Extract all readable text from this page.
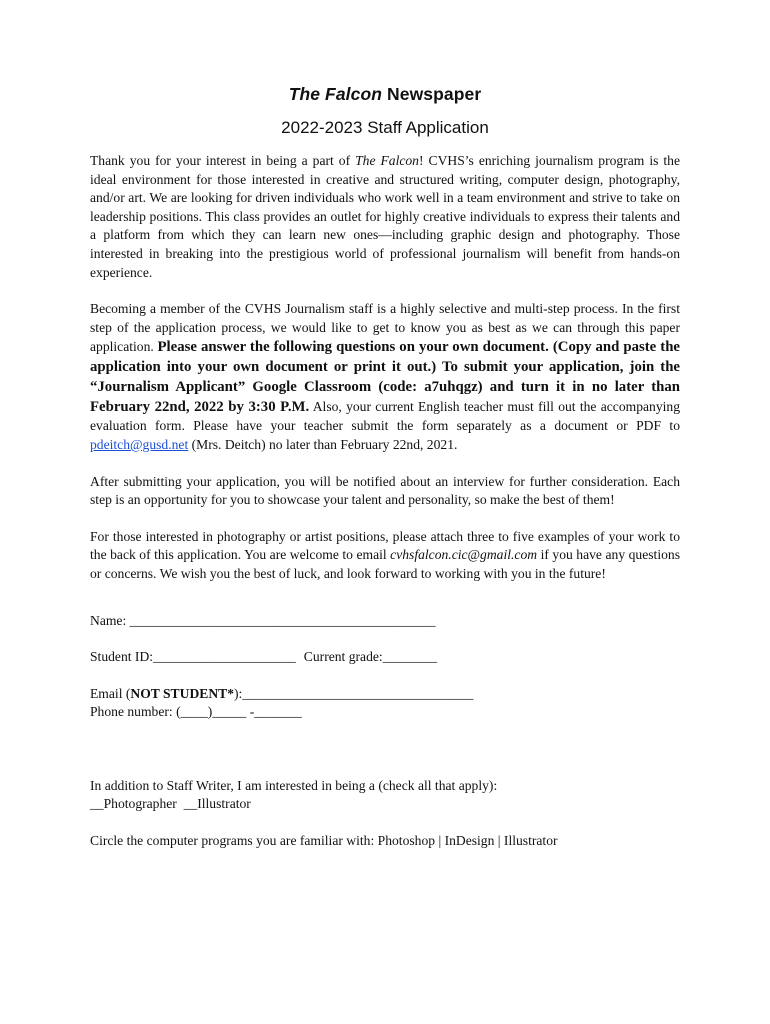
The Falcon Newspaper
2022-2023 Staff Application

Thank you for your interest in being a part of The Falcon! CVHS’s enriching journalism program is the ideal environment for those interested in creative and structured writing, computer design, photography, and/or art. We are looking for driven individuals who work well in a team environment and strive to take on leadership positions. This class provides an outlet for highly creative individuals to express their talents and a platform from which they can learn new ones—including graphic design and photography. Those interested in breaking into the prestigious world of professional journalism will benefit from hands-on experience.

Becoming a member of the CVHS Journalism staff is a highly selective and multi-step process. In the first step of the application process, we would like to get to know you as best as we can through this paper application. Please answer the following questions on your own document. (Copy and paste the application into your own document or print it out.) To submit your application, join the “Journalism Applicant” Google Classroom (code: a7uhqgz) and turn it in no later than February 22nd, 2022 by 3:30 P.M. Also, your current English teacher must fill out the accompanying evaluation form. Please have your teacher submit the form separately as a document or PDF to pdeitch@gusd.net (Mrs. Deitch) no later than February 22nd, 2021.

After submitting your application, you will be notified about an interview for further consideration. Each step is an opportunity for you to showcase your talent and personality, so make the best of them!

For those interested in photography or artist positions, please attach three to five examples of your work to the back of this application. You are welcome to email cvhsfalcon.cic@gmail.com if you have any questions or concerns. We wish you the best of luck, and look forward to working with you in the future!

Name: _____________________________________________

Student ID:_____________________ Current grade:________

Email (NOT STUDENT*):__________________________________

Phone number: (____)_____ -_______

In addition to Staff Writer, I am interested in being a (check all that apply):

__Photographer  __Illustrator

Circle the computer programs you are familiar with: Photoshop | InDesign | Illustrator
